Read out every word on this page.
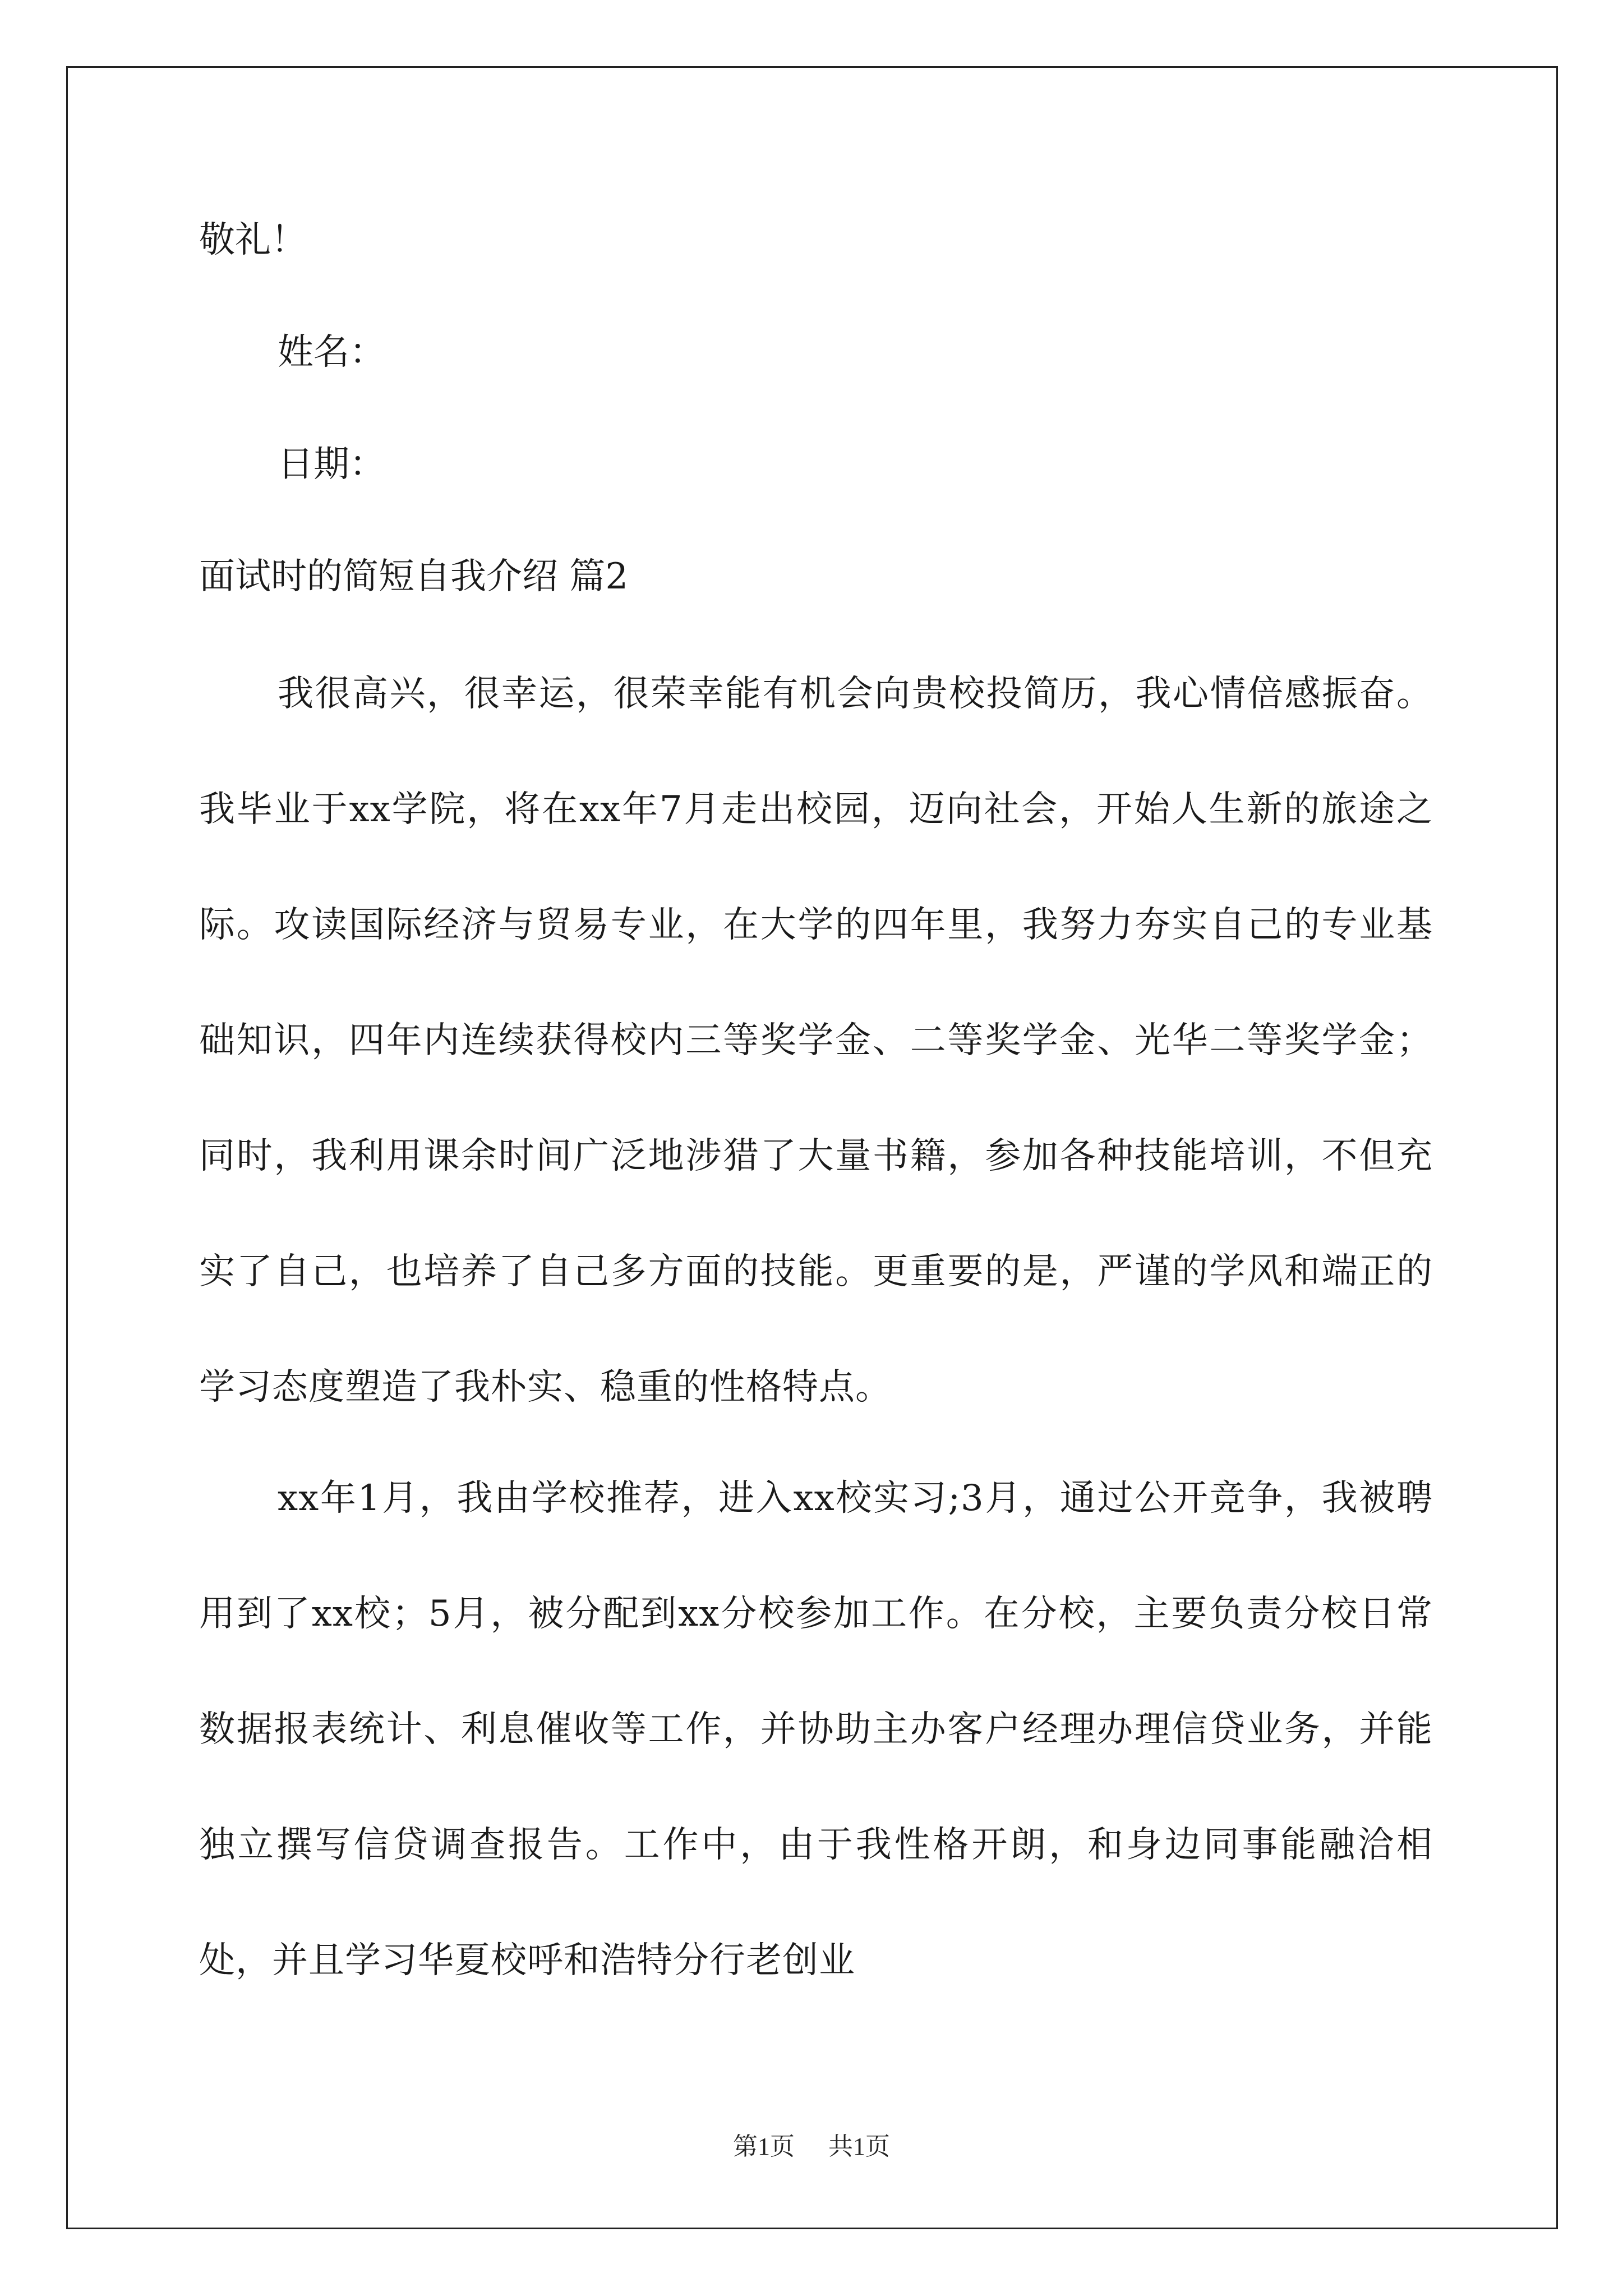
敬礼！

姓名：

日期：

面试时的简短自我介绍 篇2

我很高兴，很幸运，很荣幸能有机会向贵校投简历，我心情倍感振奋。我毕业于xx学院，将在xx年7月走出校园，迈向社会，开始人生新的旅途之际。攻读国际经济与贸易专业，在大学的四年里，我努力夯实自己的专业基础知识，四年内连续获得校内三等奖学金、二等奖学金、光华二等奖学金；同时，我利用课余时间广泛地涉猎了大量书籍，参加各种技能培训，不但充实了自己，也培养了自己多方面的技能。更重要的是，严谨的学风和端正的学习态度塑造了我朴实、稳重的性格特点。

xx年1月，我由学校推荐，进入xx校实习;3月，通过公开竞争，我被聘用到了xx校；5月，被分配到xx分校参加工作。在分校，主要负责分校日常数据报表统计、利息催收等工作，并协助主办客户经理办理信贷业务，并能独立撰写信贷调查报告。工作中，由于我性格开朗，和身边同事能融洽相处，并且学习华夏校呼和浩特分行老创业

第1页 共1页
